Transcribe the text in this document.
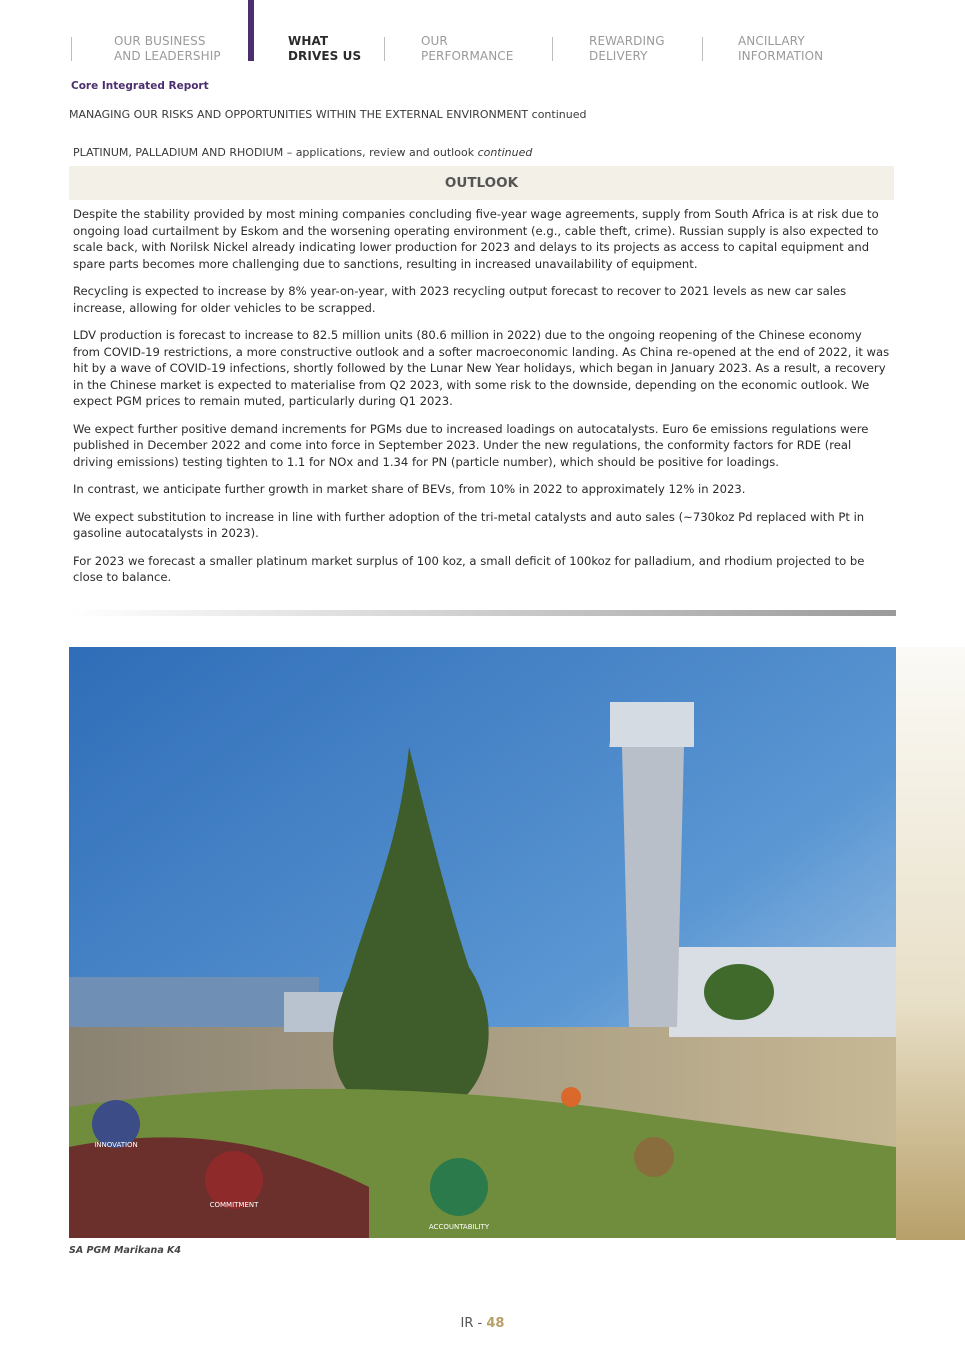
OUR BUSINESS
AND LEADERSHIP
WHAT
DRIVES US
OUR
PERFORMANCE
REWARDING
DELIVERY
ANCILLARY
INFORMATION
Core Integrated Report
MANAGING OUR RISKS AND OPPORTUNITIES WITHIN THE EXTERNAL ENVIRONMENT continued
PLATINUM, PALLADIUM AND RHODIUM – applications, review and outlook continued
OUTLOOK

Despite the stability provided by most mining companies concluding five-year wage agreements, supply from South Africa is at risk due to ongoing load curtailment by Eskom and the worsening operating environment (e.g., cable theft, crime). Russian supply is also expected to scale back, with Norilsk Nickel already indicating lower production for 2023 and delays to its projects as access to capital equipment and spare parts becomes more challenging due to sanctions, resulting in increased unavailability of equipment.

Recycling is expected to increase by 8% year-on-year, with 2023 recycling output forecast to recover to 2021 levels as new car sales increase, allowing for older vehicles to be scrapped.

LDV production is forecast to increase to 82.5 million units (80.6 million in 2022) due to the ongoing reopening of the Chinese economy from COVID-19 restrictions, a more constructive outlook and a softer macroeconomic landing. As China re-opened at the end of 2022, it was hit by a wave of COVID-19 infections, shortly followed by the Lunar New Year holidays, which began in January 2023. As a result, a recovery in the Chinese market is expected to materialise from Q2 2023, with some risk to the downside, depending on the economic outlook. We expect PGM prices to remain muted, particularly during Q1 2023.

We expect further positive demand increments for PGMs due to increased loadings on autocatalysts. Euro 6e emissions regulations were published in December 2022 and come into force in September 2023. Under the new regulations, the conformity factors for RDE (real driving emissions) testing tighten to 1.1 for NOx and 1.34 for PN (particle number), which should be positive for loadings.

In contrast, we anticipate further growth in market share of BEVs, from 10% in 2022 to approximately 12% in 2023.

We expect substitution to increase in line with further adoption of the tri-metal catalysts and auto sales (~730koz Pd replaced with Pt in gasoline autocatalysts in 2023).

For 2023 we forecast a smaller platinum market surplus of 100 koz, a small deficit of 100koz for palladium, and rhodium projected to be close to balance.

INNOVATION
COMMITMENT
ACCOUNTABILITY
SA PGM Marikana K4
IR - 48
